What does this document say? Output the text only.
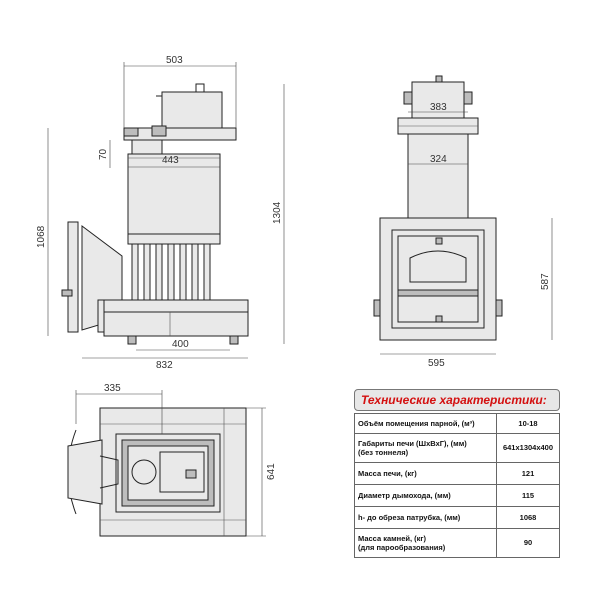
503
443
70
1068
1304
400
832
383
324
587
595
335
641
Технические характеристики:
Объём помещения парной, (м³)	10-18
Габариты печи (ШхВхГ), (мм)
(без тоннеля)	641х1304х400
Масса печи, (кг)	121
Диаметр дымохода, (мм)	115
h- до обреза патрубка, (мм)	1068
Масса камней, (кг)
(для парообразования)	90
